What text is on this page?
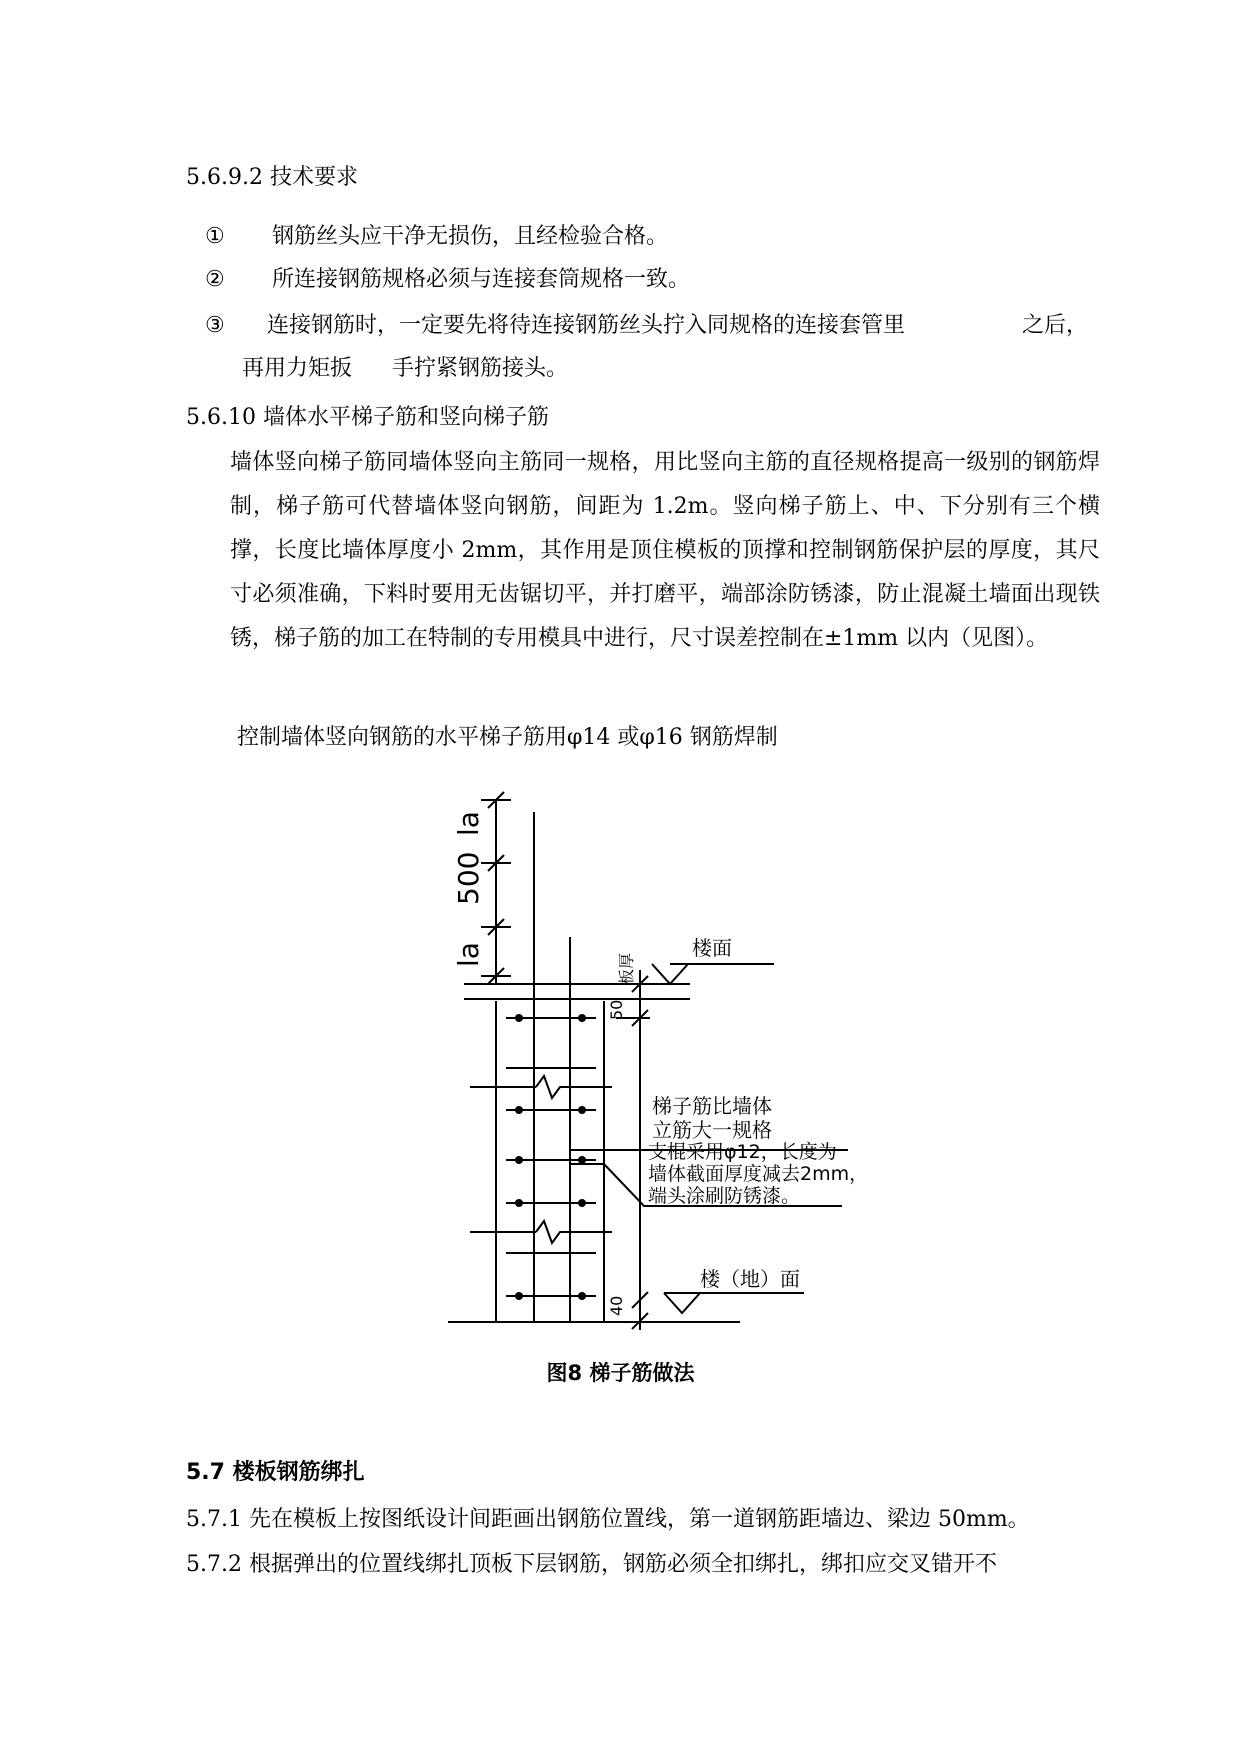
5.6.9.2 技术要求
① 钢筋丝头应干净无损伤，且经检验合格。
② 所连接钢筋规格必须与连接套筒规格一致。
③ 连接钢筋时，一定要先将待连接钢筋丝头拧入同规格的连接套管里	之后，
再用力矩扳 手拧紧钢筋接头。
5.6.10 墙体水平梯子筋和竖向梯子筋
墙体竖向梯子筋同墙体竖向主筋同一规格，用比竖向主筋的直径规格提高一级别的钢筋焊制，梯子筋可代替墙体竖向钢筋，间距为 1.2m。竖向梯子筋上、中、下分别有三个横撑，长度比墙体厚度小 2mm，其作用是顶住模板的顶撑和控制钢筋保护层的厚度，其尺寸必须准确，下料时要用无齿锯切平，并打磨平，端部涂防锈漆，防止混凝土墙面出现铁锈，梯子筋的加工在特制的专用模具中进行，尺寸误差控制在±1mm 以内（见图）。
控制墙体竖向钢筋的水平梯子筋用φ14 或φ16 钢筋焊制
la
500
la	板厚
50
40
楼面
楼（地）面
梯子筋比墙体
立筋大一规格
支棍采用φ12，长度为
墙体截面厚度减去2mm，
端头涂刷防锈漆。
图8 梯子筋做法
5.7 楼板钢筋绑扎
5.7.1 先在模板上按图纸设计间距画出钢筋位置线，第一道钢筋距墙边、梁边 50mm。
5.7.2 根据弹出的位置线绑扎顶板下层钢筋，钢筋必须全扣绑扎，绑扣应交叉错开不
